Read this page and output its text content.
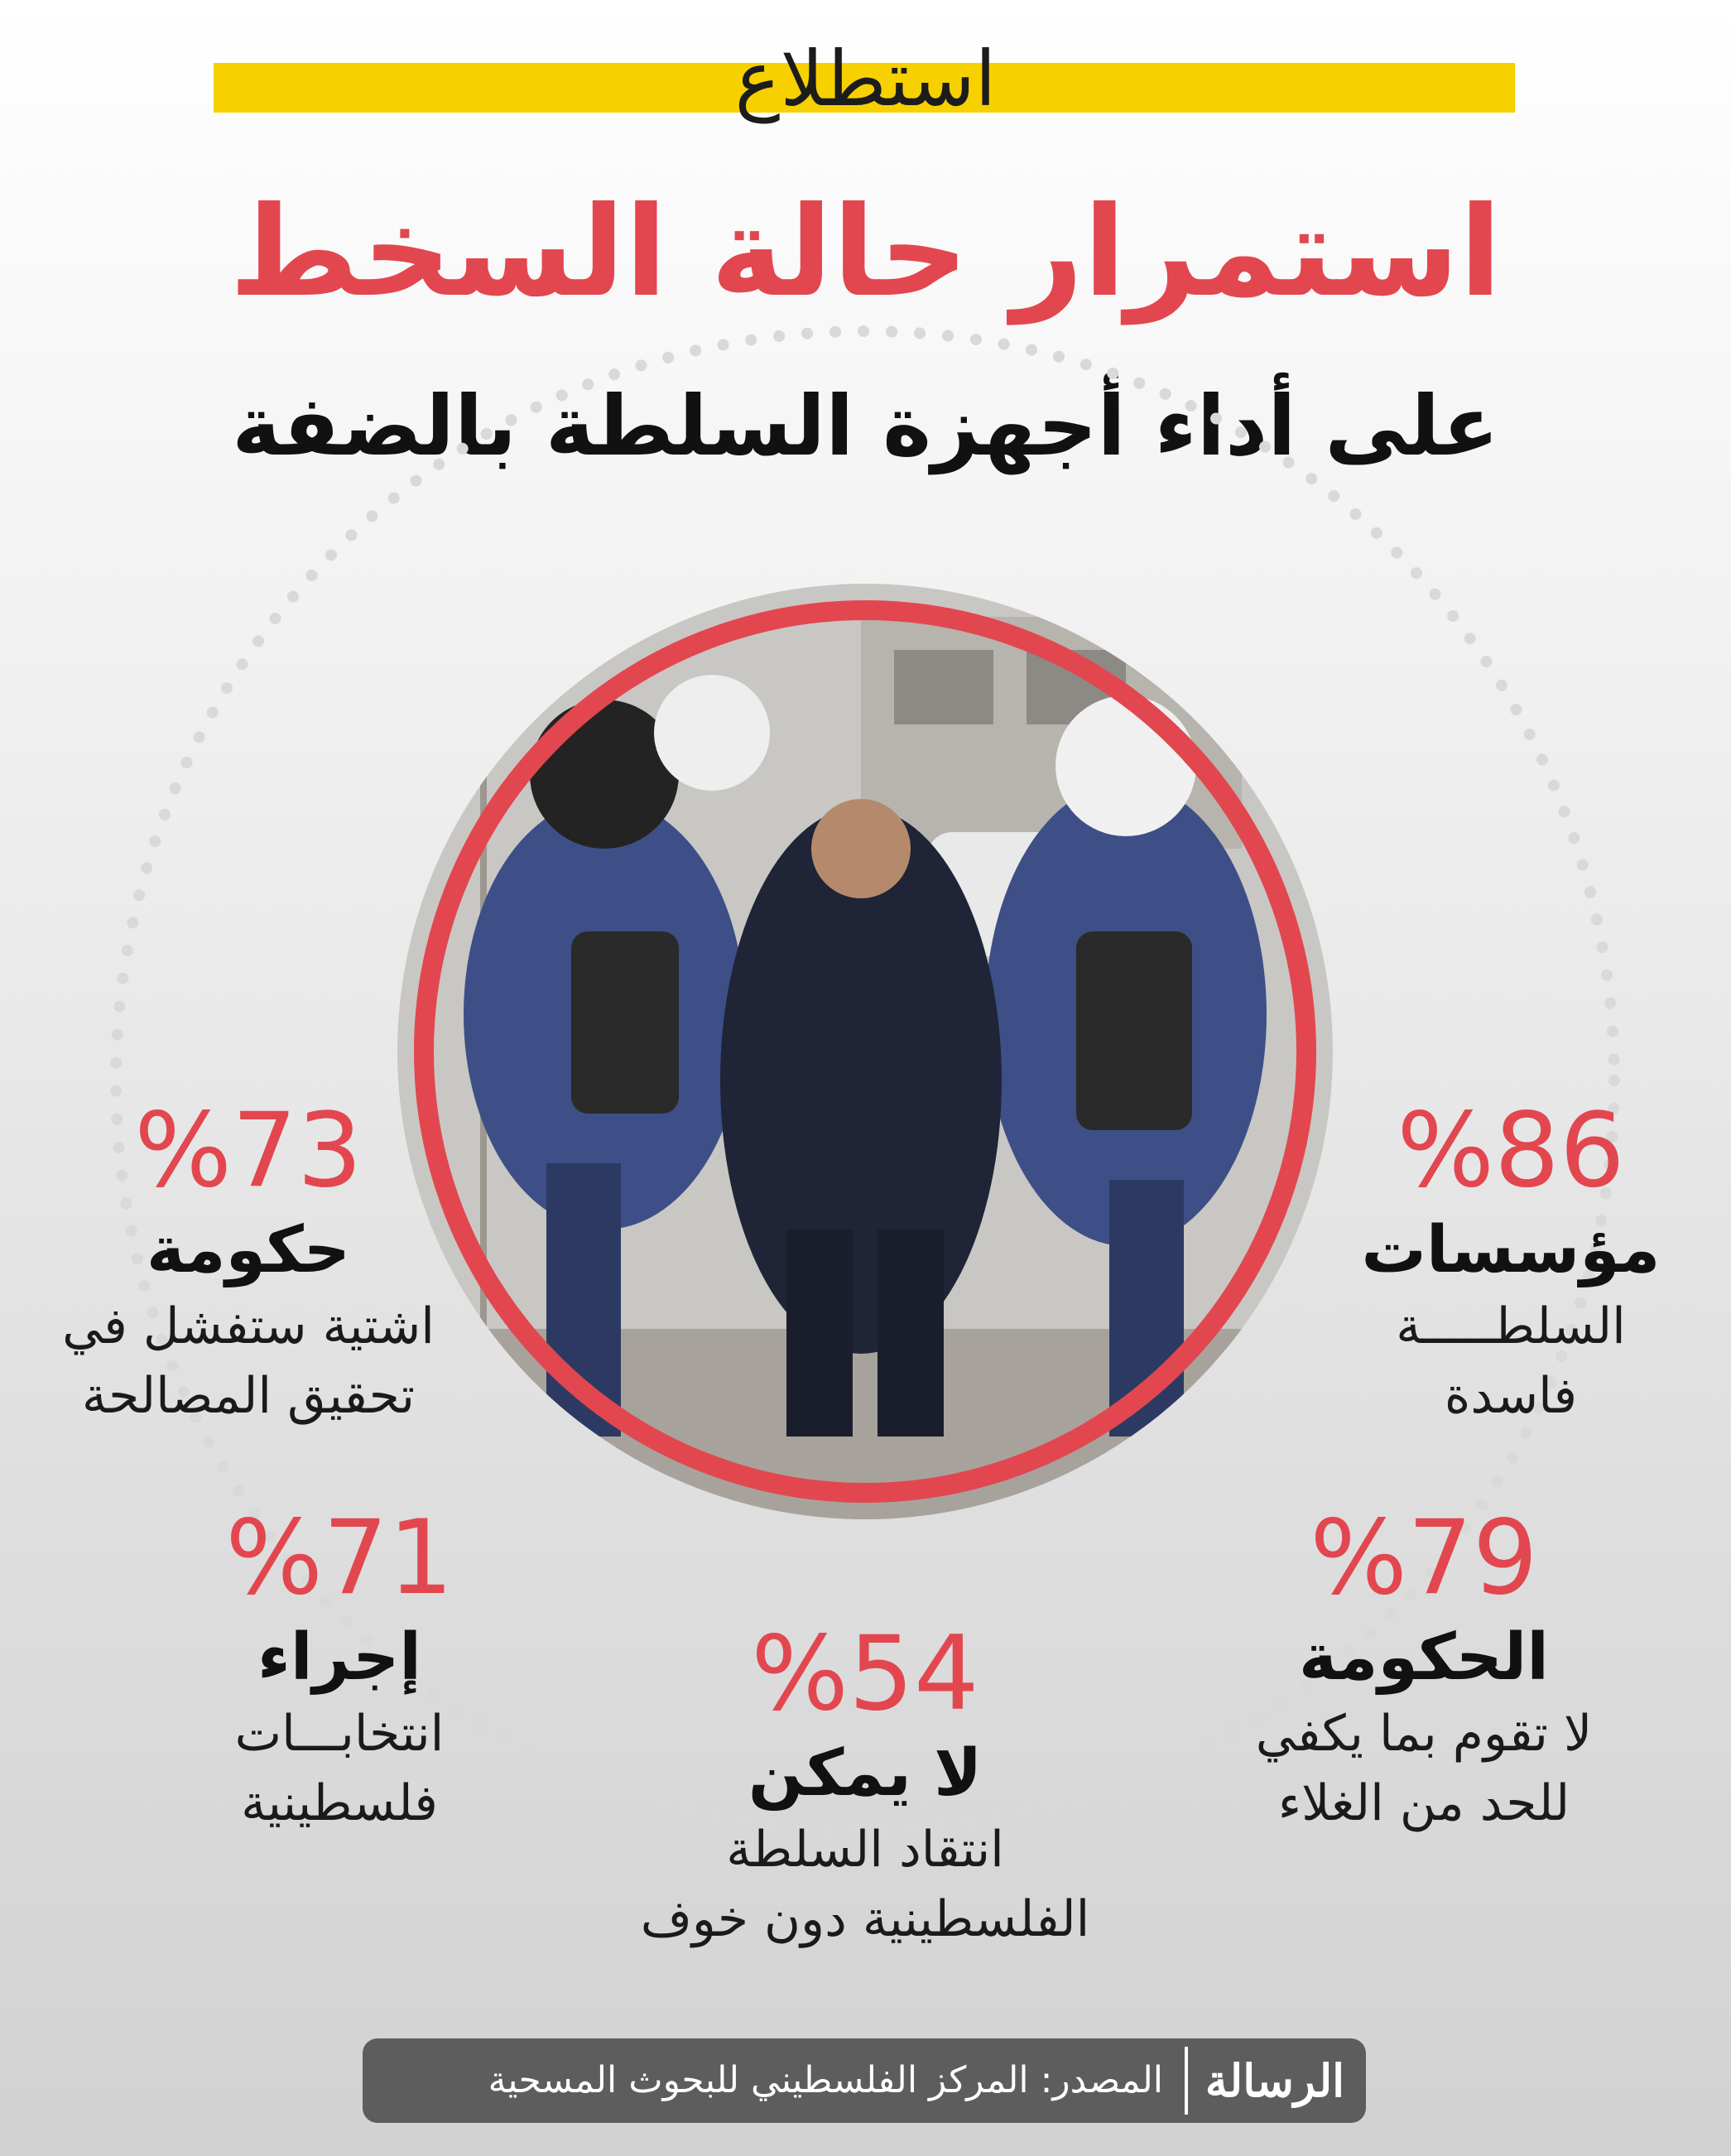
استطلاع
استمرار حالة السخط
على أداء أجهزة السلطة بالضفة
%86
مؤسسات
السلطـــــة
فاسدة
%73
حكومة
اشتية ستفشل في
تحقيق المصالحة
%79
الحكومة
لا تقوم بما يكفي
للحد من الغلاء
%71
إجراء
انتخابـــات
فلسطينية
%54
لا يمكن
انتقاد السلطة
الفلسطينية دون خوف
الرسالة
المصدر: المركز الفلسطيني للبحوث المسحية
